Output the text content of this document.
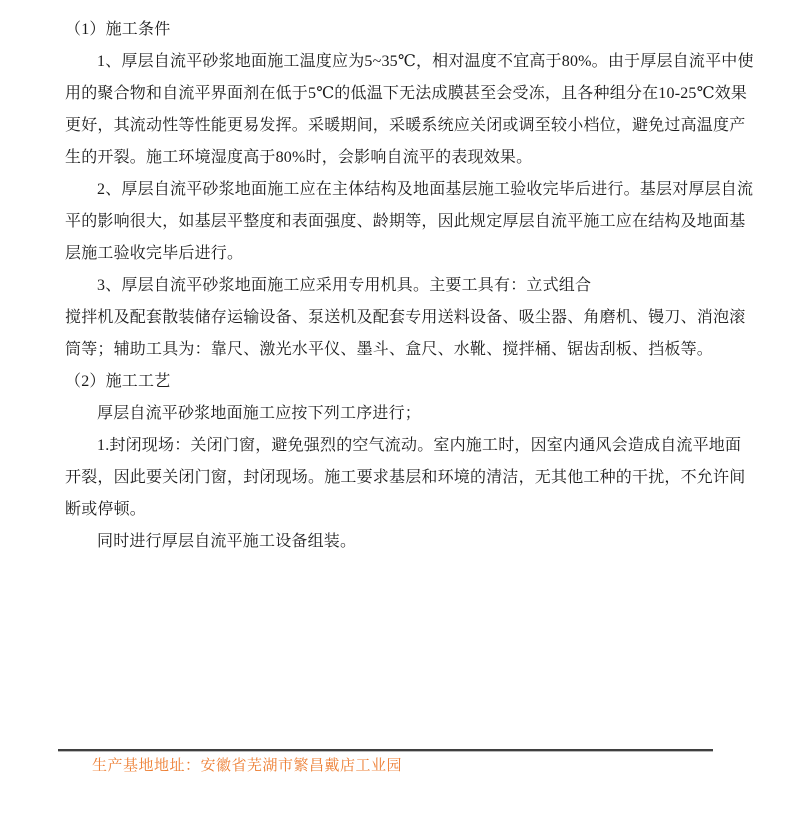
（1）施工条件
1、厚层自流平砂浆地面施工温度应为5~35℃，相对温度不宜高于80%。由于厚层自流平中使
用的聚合物和自流平界面剂在低于5℃的低温下无法成膜甚至会受冻，且各种组分在10-25℃效果
更好，其流动性等性能更易发挥。采暖期间，采暖系统应关闭或调至较小档位，避免过高温度产
生的开裂。施工环境湿度高于80%时，会影响自流平的表现效果。
2、厚层自流平砂浆地面施工应在主体结构及地面基层施工验收完毕后进行。基层对厚层自流
平的影响很大，如基层平整度和表面强度、龄期等，因此规定厚层自流平施工应在结构及地面基
层施工验收完毕后进行。
3、厚层自流平砂浆地面施工应采用专用机具。主要工具有：立式组合
搅拌机及配套散装储存运输设备、泵送机及配套专用送料设备、吸尘器、角磨机、镘刀、消泡滚
筒等；辅助工具为：靠尺、激光水平仪、墨斗、盒尺、水靴、搅拌桶、锯齿刮板、挡板等。
（2）施工工艺
厚层自流平砂浆地面施工应按下列工序进行；
1.封闭现场：关闭门窗，避免强烈的空气流动。室内施工时，因室内通风会造成自流平地面
开裂，因此要关闭门窗，封闭现场。施工要求基层和环境的清洁，无其他工种的干扰，不允许间
断或停顿。
同时进行厚层自流平施工设备组装。
生产基地地址：安徽省芜湖市繁昌戴店工业园
